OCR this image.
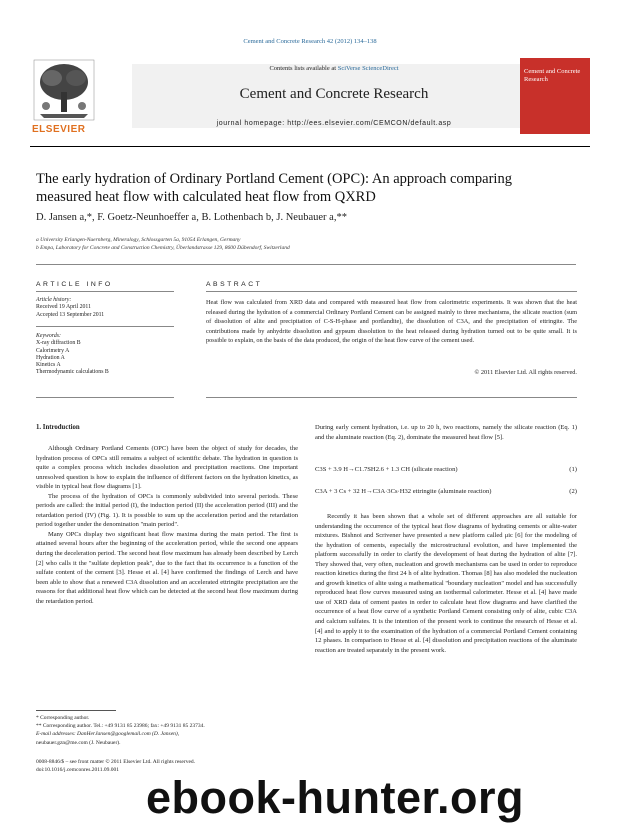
Cement and Concrete Research 42 (2012) 134–138
Contents lists available at SciVerse ScienceDirect
Cement and Concrete Research
journal homepage: http://ees.elsevier.com/CEMCON/default.asp
ELSEVIER
Cement and Concrete Research
The early hydration of Ordinary Portland Cement (OPC): An approach comparing
measured heat flow with calculated heat flow from QXRD
D. Jansen a,*, F. Goetz-Neunhoeffer a, B. Lothenbach b, J. Neubauer a,**
a University Erlangen-Nuernberg, Mineralogy, Schlossgarten 5a, 91054 Erlangen, Germany
b Empa, Laboratory for Concrete and Construction Chemistry, Überlandstrasse 129, 8600 Dübendorf, Switzerland
ARTICLE INFO
Article history:
Received 19 April 2011
Accepted 13 September 2011
Keywords:
X-ray diffraction B
Calorimetry A
Hydration A
Kinetics A
Thermodynamic calculations B
ABSTRACT
Heat flow was calculated from XRD data and compared with measured heat flow from calorimetric experiments. It was shown that the heat released during the hydration of a commercial Ordinary Portland Cement can be assigned mainly to three mechanisms, the silicate reaction (sum of dissolution of alite and precipitation of C-S-H-phase and portlandite), the dissolution of C3A, and the precipitation of ettringite. The contributions made by anhydrite dissolution and gypsum dissolution to the heat released during hydration turned out to be quite small. It is possible to explain, on the basis of the data produced, the origin of the heat flow curve of the cement used.
© 2011 Elsevier Ltd. All rights reserved.
1. Introduction

Although Ordinary Portland Cements (OPC) have been the object of study for decades, the hydration process of OPCs still remains a subject of scientific debate. The hydration in question is quite a complex process which includes dissolution and precipitation reactions. One important unresolved question is how to explain the influence of different factors on the hydration kinetics, as visible in typical heat flow diagrams [1].

The process of the hydration of OPCs is commonly subdivided into several periods. These periods are called: the initial period (I), the induction period (II) the acceleration period (III) and the retardation period (IV) (Fig. 1). It is possible to sum up the acceleration period and the retardation period together under the denomination "main period".

Many OPCs display two significant heat flow maxima during the main period. The first is attained several hours after the beginning of the acceleration period, while the second one appears during the deceleration period. The second heat flow maximum has already been described by Lerch [2] who calls it the "sulfate depletion peak", due to the fact that its occurrence is a function of the sulfate content of the cement [3]. Hesse et al. [4] have confirmed the findings of Lerch and have been able to show that a renewed C3A dissolution and an accelerated ettringite precipitation are the reasons for that additional heat flow which can be detected at the second heat flow maximum during the retardation period.

During early cement hydration, i.e. up to 20 h, two reactions, namely the silicate reaction (Eq. 1) and the aluminate reaction (Eq. 2), dominate the measured heat flow [5].

C3S + 3.9 H→C1.7SH2.6 + 1.3 CH (silicate reaction)	(1)
C3A + 3 Cs + 32 H→C3A·3Cs·H32 ettringite (aluminate reaction)	(2)

Recently it has been shown that a whole set of different approaches are all suitable for understanding the occurrence of the typical heat flow diagrams of hydrating cements or alite-water mixtures. Bishnoi and Scrivener have presented a new platform called μic [6] for the modeling of the hydration of cements, especially the microstructural evolution, and have implemented the platform successfully in order to clarify the development of heat during the hydration of alite [7]. They showed that, very often, nucleation and growth mechanisms can be used in order to reproduce reaction kinetics during the first 24 h of alite hydration. Thomas [8] has also modeled the nucleation and growth kinetics of alite using a mathematical "boundary nucleation" model and has successfully reproduced heat flow curves measured using an isothermal calorimeter. Hesse et al. [4] have made use of XRD data of cement pastes in order to calculate heat flow diagrams and have clarified the occurrence of a heat flow curve of a synthetic Portland Cement consisting only of alite, cubic C3A and calcium sulfates. It is the intention of the present work to continue the research of Hesse et al. [4] and to apply it to the examination of the hydration of a commercial Portland Cement containing 12 phases. In comparison to Hesse et al. [4] dissolution and precipitation reactions of the aluminate reaction are treated separately in the present work.

* Corresponding author.
** Corresponding author. Tel.: +49 9131 85 23986; fax: +49 9131 85 23734.
E-mail addresses: DanHerJansen@googlemail.com (D. Jansen),
neubauer.gzn@me.com (J. Neubauer).
0008-8846/$ – see front matter © 2011 Elsevier Ltd. All rights reserved.
doi:10.1016/j.cemconres.2011.09.001
ebook-hunter.org
